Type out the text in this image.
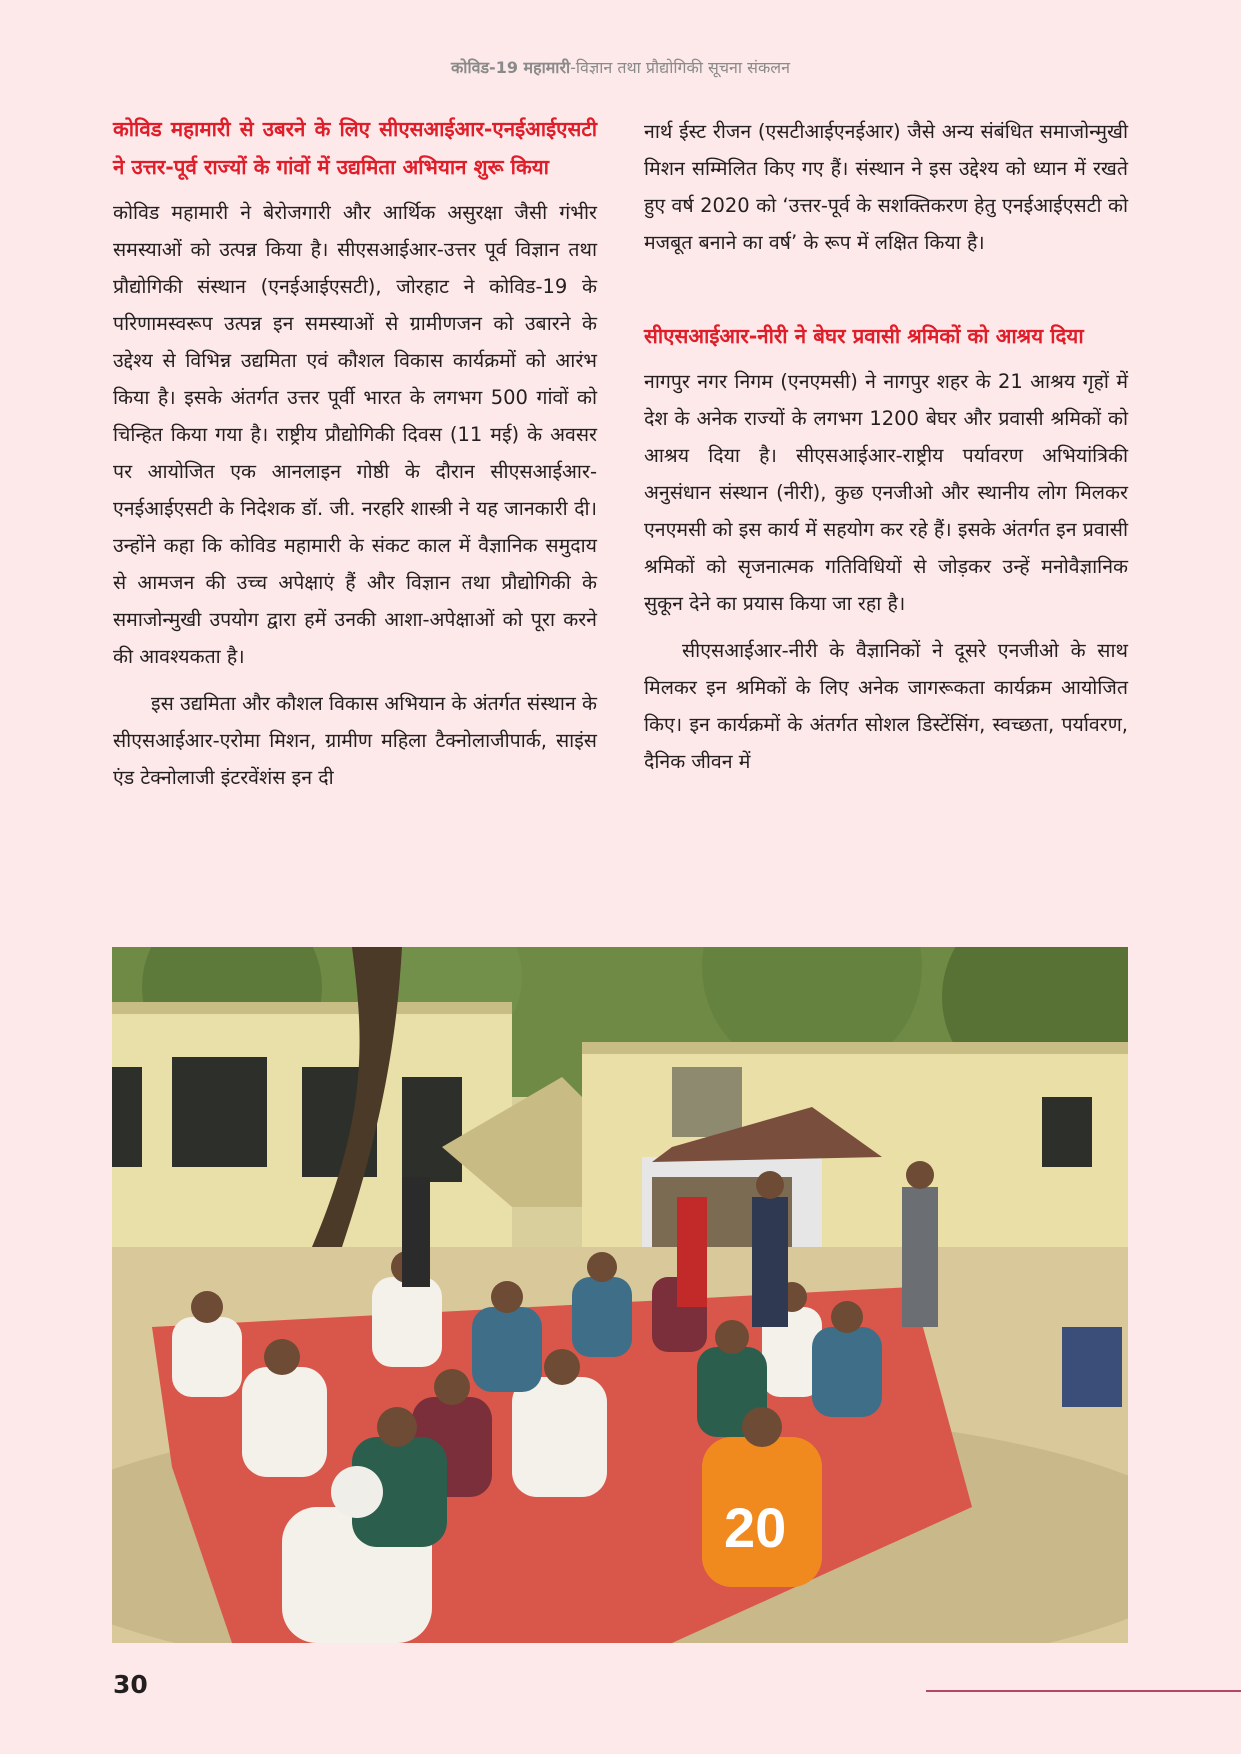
कोविड-19 महामारी-विज्ञान तथा प्रौद्योगिकी सूचना संकलन
कोविड महामारी से उबरने के लिए सीएसआईआर-एनईआईएसटी ने उत्तर-पूर्व राज्यों के गांवों में उद्यमिता अभियान शुरू किया

कोविड महामारी ने बेरोजगारी और आर्थिक असुरक्षा जैसी गंभीर समस्याओं को उत्पन्न किया है। सीएसआईआर-उत्तर पूर्व विज्ञान तथा प्रौद्योगिकी संस्थान (एनईआईएसटी), जोरहाट ने कोविड-19 के परिणामस्वरूप उत्पन्न इन समस्याओं से ग्रामीणजन को उबारने के उद्देश्य से विभिन्न उद्यमिता एवं कौशल विकास कार्यक्रमों को आरंभ किया है। इसके अंतर्गत उत्तर पूर्वी भारत के लगभग 500 गांवों को चिन्हित किया गया है। राष्ट्रीय प्रौद्योगिकी दिवस (11 मई) के अवसर पर आयोजित एक आनलाइन गोष्ठी के दौरान सीएसआईआर-एनईआईएसटी के निदेशक डॉ. जी. नरहरि शास्त्री ने यह जानकारी दी। उन्होंने कहा कि कोविड महामारी के संकट काल में वैज्ञानिक समुदाय से आमजन की उच्च अपेक्षाएं हैं और विज्ञान तथा प्रौद्योगिकी के समाजोन्मुखी उपयोग द्वारा हमें उनकी आशा-अपेक्षाओं को पूरा करने की आवश्यकता है।

इस उद्यमिता और कौशल विकास अभियान के अंतर्गत संस्थान के सीएसआईआर-एरोमा मिशन, ग्रामीण महिला टैक्नोलाजीपार्क, साइंस एंड टेक्नोलाजी इंटरवेंशंस इन दी

नार्थ ईस्ट रीजन (एसटीआईएनईआर) जैसे अन्य संबंधित समाजोन्मुखी मिशन सम्मिलित किए गए हैं। संस्थान ने इस उद्देश्य को ध्यान में रखते हुए वर्ष 2020 को ‘उत्तर-पूर्व के सशक्तिकरण हेतु एनईआईएसटी को मजबूत बनाने का वर्ष’ के रूप में लक्षित किया है।

सीएसआईआर-नीरी ने बेघर प्रवासी श्रमिकों को आश्रय दिया

नागपुर नगर निगम (एनएमसी) ने नागपुर शहर के 21 आश्रय गृहों में देश के अनेक राज्यों के लगभग 1200 बेघर और प्रवासी श्रमिकों को आश्रय दिया है। सीएसआईआर-राष्ट्रीय पर्यावरण अभियांत्रिकी अनुसंधान संस्थान (नीरी), कुछ एनजीओ और स्थानीय लोग मिलकर एनएमसी को इस कार्य में सहयोग कर रहे हैं। इसके अंतर्गत इन प्रवासी श्रमिकों को सृजनात्मक गतिविधियों से जोड़कर उन्हें मनोवैज्ञानिक सुकून देने का प्रयास किया जा रहा है।

सीएसआईआर-नीरी के वैज्ञानिकों ने दूसरे एनजीओ के साथ मिलकर इन श्रमिकों के लिए अनेक जागरूकता कार्यक्रम आयोजित किए। इन कार्यक्रमों के अंतर्गत सोशल डिस्टेंसिंग, स्वच्छता, पर्यावरण, दैनिक जीवन में

20
30
